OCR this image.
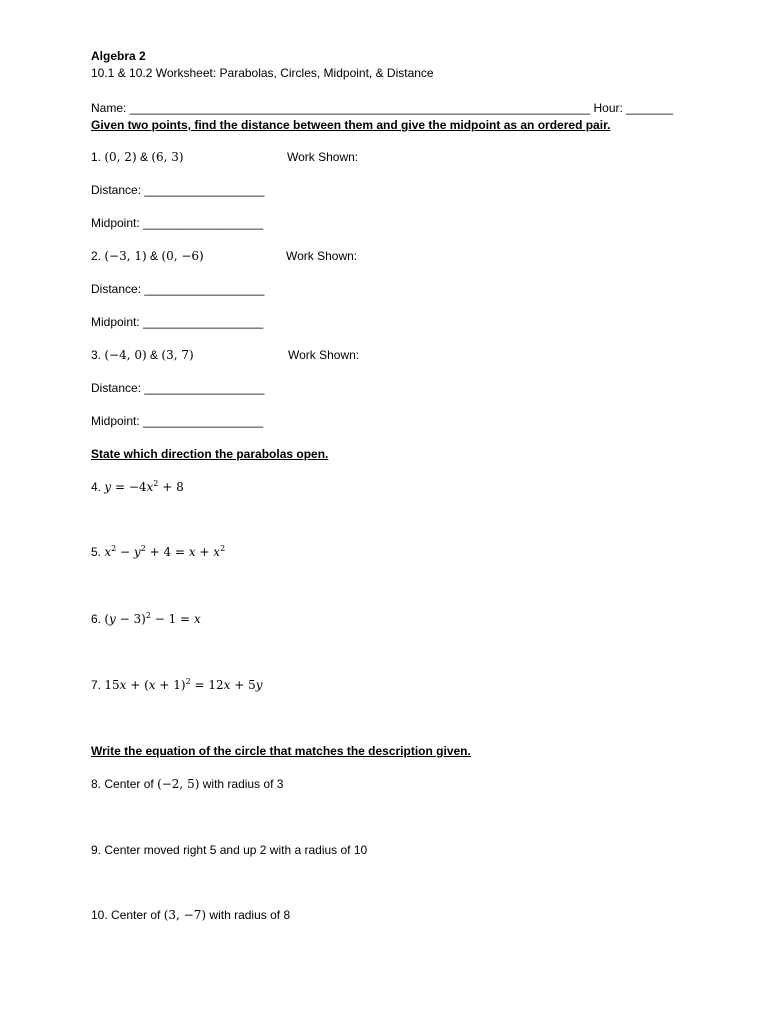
Algebra 2
10.1 & 10.2 Worksheet: Parabolas, Circles, Midpoint, & Distance
Name: _____________________________________________________________________ Hour: _______
Given two points, find the distance between them and give the midpoint as an ordered pair.
1. (0, 2) & (6, 3)	Work Shown:
Distance: __________________
Midpoint: __________________
2. (−3, 1) & (0, −6)	Work Shown:
Distance: __________________
Midpoint: __________________
3. (−4, 0) & (3, 7)	Work Shown:
Distance: __________________
Midpoint: __________________
State which direction the parabolas open.
4. $y = -4x^2 + 8$
5. $x^2 - y^2 + 4 = x + x^2$
6. $(y - 3)^2 - 1 = x$
7. $15x + (x + 1)^2 = 12x + 5y$
Write the equation of the circle that matches the description given.
8. Center of (−2, 5) with radius of 3
9. Center moved right 5 and up 2 with a radius of 10
10. Center of (3, −7) with radius of 8
